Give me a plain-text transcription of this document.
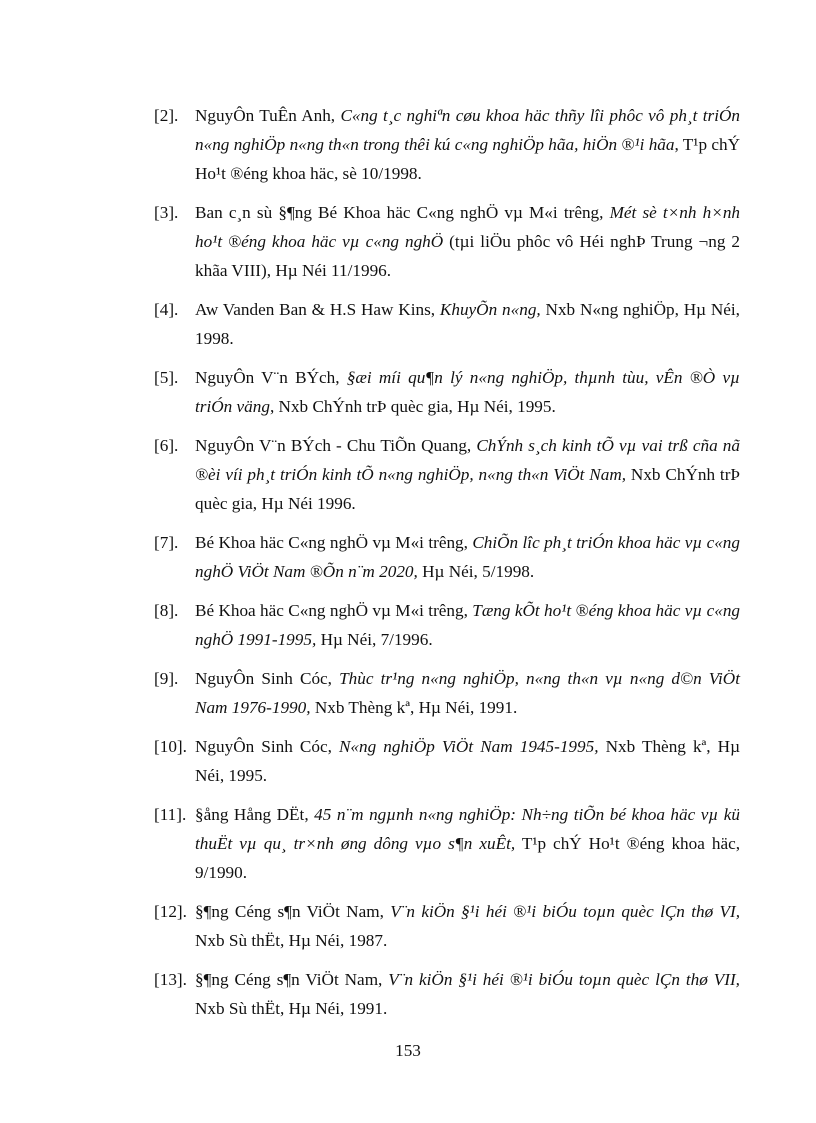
[2]. NguyÔn TuÊn Anh, C«ng t¸c nghiªn cøu khoa häc thñy lîi phôc vô ph¸t triÓn n«ng nghiÖp n«ng th«n trong thêi kú c«ng nghiÖp hãa, hiÖn ®¹i hãa, T¹p chÝ Ho¹t ®éng khoa häc, sè 10/1998.
[3]. Ban c¸n sù §¶ng Bé Khoa häc C«ng nghÖ vµ M«i trêng, Mét sè t×nh h×nh ho¹t ®éng khoa häc vµ c«ng nghÖ (tµi liÖu phôc vô Héi nghÞ Trung ¬ng 2 khãa VIII), Hµ Néi 11/1996.
[4]. Aw Vanden Ban & H.S Haw Kins, KhuyÕn n«ng, Nxb N«ng nghiÖp, Hµ Néi, 1998.
[5]. NguyÔn V¨n BÝch, §æi míi qu¶n lý n«ng nghiÖp, thµnh tùu, vÊn ®Ò vµ triÓn väng, Nxb ChÝnh trÞ quèc gia, Hµ Néi, 1995.
[6]. NguyÔn V¨n BÝch - Chu TiÕn Quang, ChÝnh s¸ch kinh tÕ vµ vai trß cña nã ®èi víi ph¸t triÓn kinh tÕ n«ng nghiÖp, n«ng th«n ViÖt Nam, Nxb ChÝnh trÞ quèc gia, Hµ Néi 1996.
[7]. Bé Khoa häc C«ng nghÖ vµ M«i trêng, ChiÕn lîc ph¸t triÓn khoa häc vµ c«ng nghÖ ViÖt Nam ®Õn n¨m 2020, Hµ Néi, 5/1998.
[8]. Bé Khoa häc C«ng nghÖ vµ M«i trêng, Tæng kÕt ho¹t ®éng khoa häc vµ c«ng nghÖ 1991-1995, Hµ Néi, 7/1996.
[9]. NguyÔn Sinh Cóc, Thùc tr¹ng n«ng nghiÖp, n«ng th«n vµ n«ng d©n ViÖt Nam 1976-1990, Nxb Thèng kª, Hµ Néi, 1991.
[10]. NguyÔn Sinh Cóc, N«ng nghiÖp ViÖt Nam 1945-1995, Nxb Thèng kª, Hµ Néi, 1995.
[11]. §ång Hång DËt, 45 n¨m ngµnh n«ng nghiÖp: Nh÷ng tiÕn bé khoa häc vµ kü thuËt vµ qu¸ tr×nh øng dông vµo s¶n xuÊt, T¹p chÝ Ho¹t ®éng khoa häc, 9/1990.
[12]. §¶ng Céng s¶n ViÖt Nam, V¨n kiÖn §¹i héi ®¹i biÓu toµn quèc lÇn thø VI, Nxb Sù thËt, Hµ Néi, 1987.
[13]. §¶ng Céng s¶n ViÖt Nam, V¨n kiÖn §¹i héi ®¹i biÓu toµn quèc lÇn thø VII, Nxb Sù thËt, Hµ Néi, 1991.
153
